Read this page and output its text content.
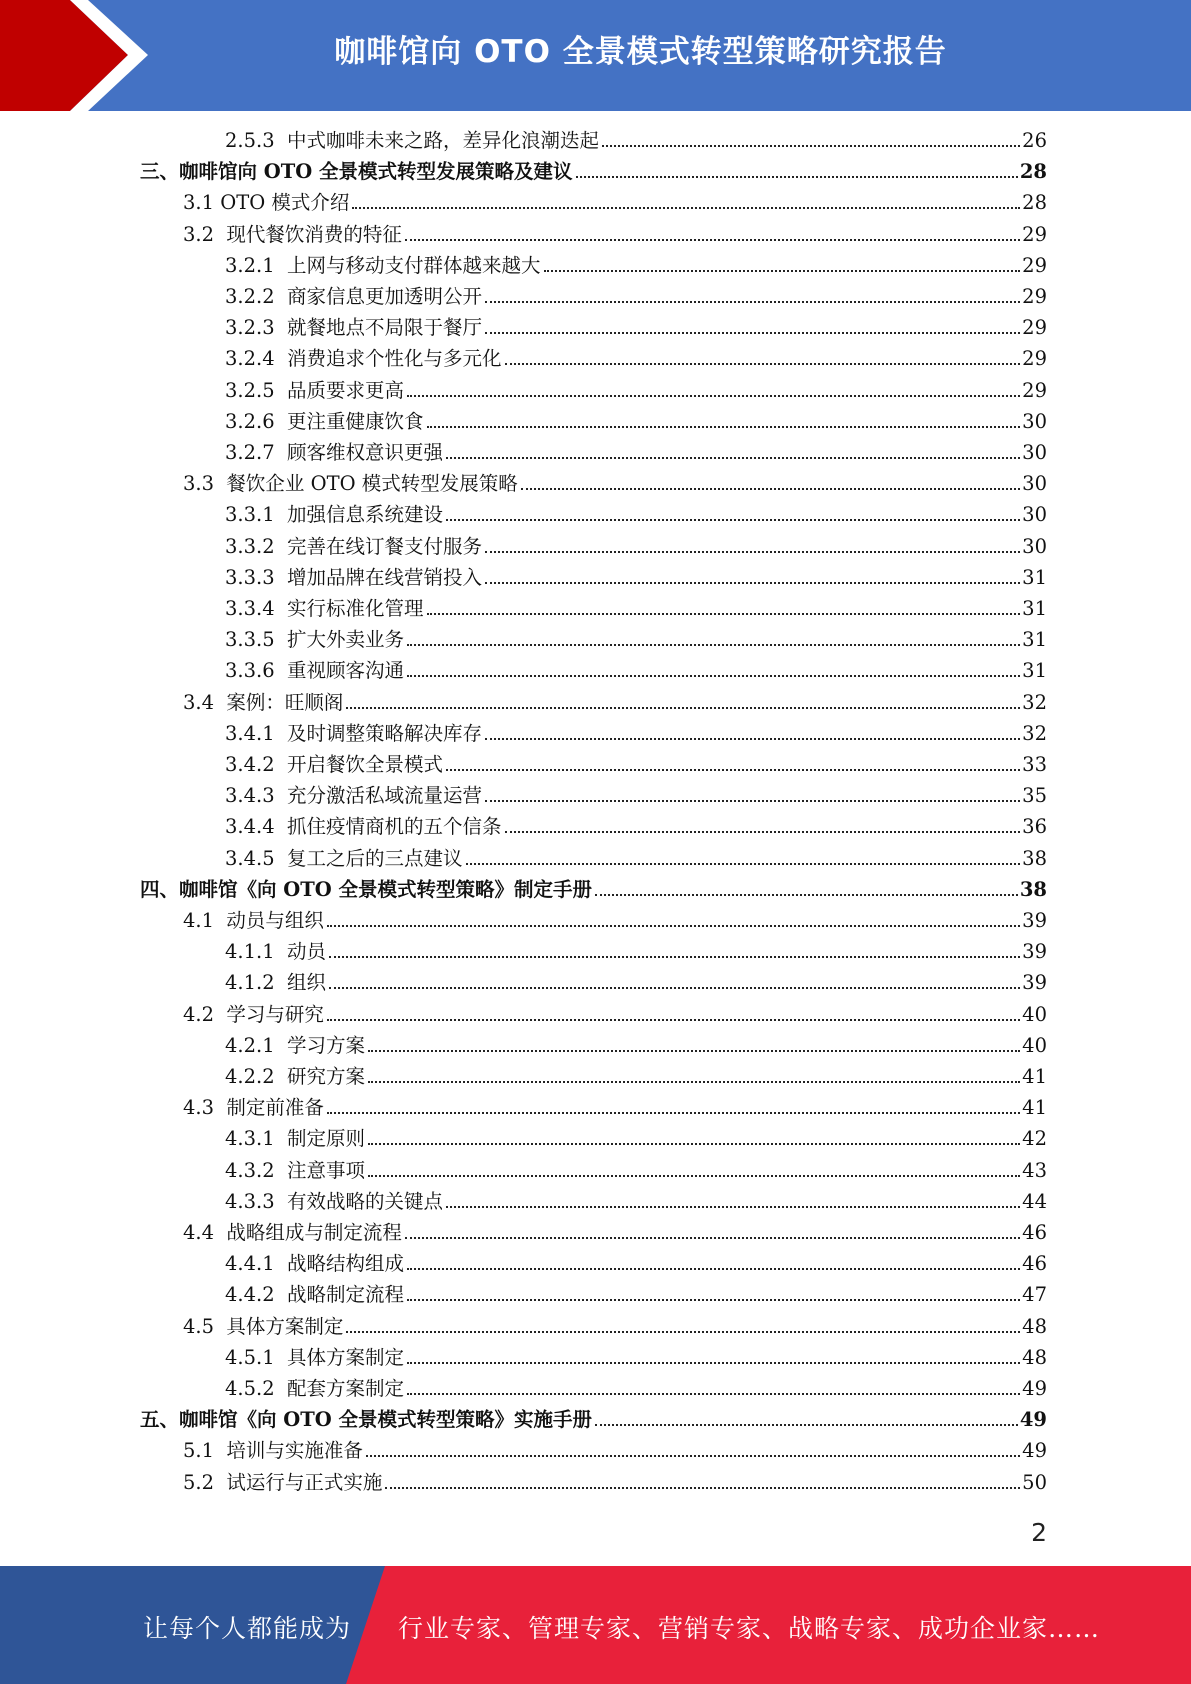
咖啡馆向 OTO 全景模式转型策略研究报告
2.5.3  中式咖啡未来之路，差异化浪潮迭起	26
三、咖啡馆向 OTO 全景模式转型发展策略及建议	28
3.1 OTO 模式介绍	28
3.2  现代餐饮消费的特征	29
3.2.1  上网与移动支付群体越来越大	29
3.2.2  商家信息更加透明公开	29
3.2.3  就餐地点不局限于餐厅	29
3.2.4  消费追求个性化与多元化	29
3.2.5  品质要求更高	29
3.2.6  更注重健康饮食	30
3.2.7  顾客维权意识更强	30
3.3  餐饮企业 OTO 模式转型发展策略	30
3.3.1  加强信息系统建设	30
3.3.2  完善在线订餐支付服务	30
3.3.3  增加品牌在线营销投入	31
3.3.4  实行标准化管理	31
3.3.5  扩大外卖业务	31
3.3.6  重视顾客沟通	31
3.4  案例：旺顺阁	32
3.4.1  及时调整策略解决库存	32
3.4.2  开启餐饮全景模式	33
3.4.3  充分激活私域流量运营	35
3.4.4  抓住疫情商机的五个信条	36
3.4.5  复工之后的三点建议	38
四、咖啡馆《向 OTO 全景模式转型策略》制定手册	38
4.1  动员与组织	39
4.1.1  动员	39
4.1.2  组织	39
4.2  学习与研究	40
4.2.1  学习方案	40
4.2.2  研究方案	41
4.3  制定前准备	41
4.3.1  制定原则	42
4.3.2  注意事项	43
4.3.3  有效战略的关键点	44
4.4  战略组成与制定流程	46
4.4.1  战略结构组成	46
4.4.2  战略制定流程	47
4.5  具体方案制定	48
4.5.1  具体方案制定	48
4.5.2  配套方案制定	49
五、咖啡馆《向 OTO 全景模式转型策略》实施手册	49
5.1  培训与实施准备	49
5.2  试运行与正式实施	50
2
让每个人都能成为 行业专家、管理专家、营销专家、战略专家、成功企业家……
